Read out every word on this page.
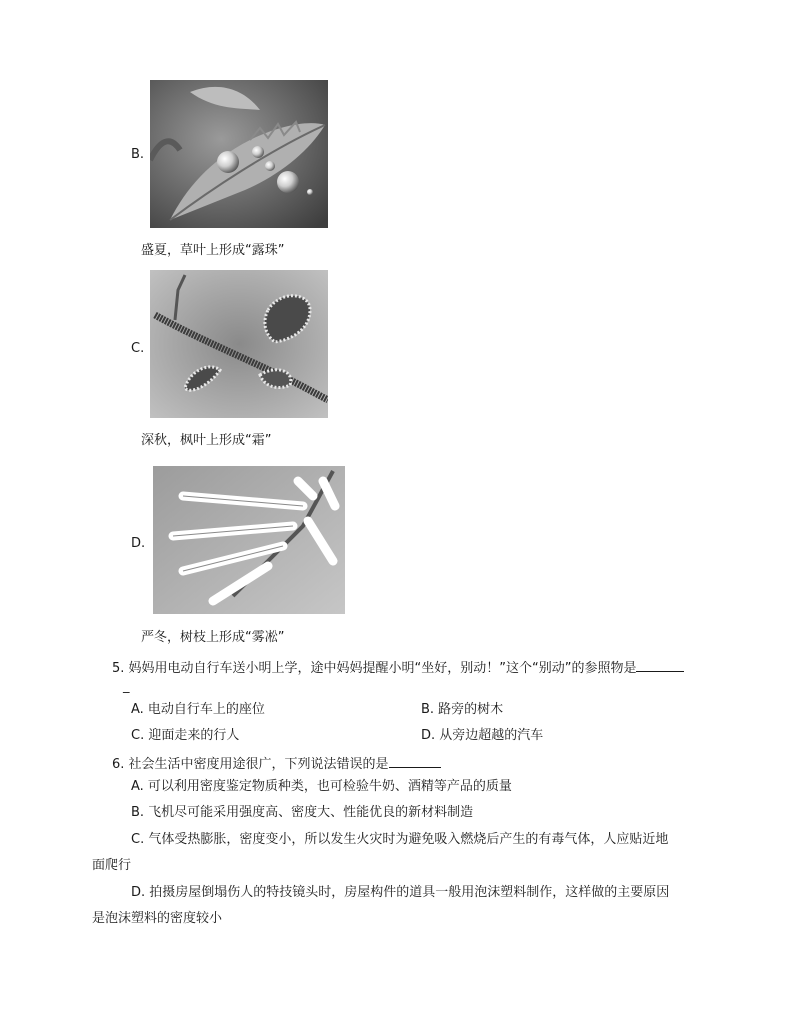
B.
盛夏，草叶上形成“露珠”
C.
深秋，枫叶上形成“霜”
D.
严冬，树枝上形成“雾凇”
5. 妈妈用电动自行车送小明上学，途中妈妈提醒小明“坐好，别动！”这个“别动”的参照物是
_
A. 电动自行车上的座位	B. 路旁的树木
C. 迎面走来的行人	D. 从旁边超越的汽车
6. 社会生活中密度用途很广，下列说法错误的是
A. 可以利用密度鉴定物质种类，也可检验牛奶、酒精等产品的质量
B. 飞机尽可能采用强度高、密度大、性能优良的新材料制造
C. 气体受热膨胀，密度变小，所以发生火灾时为避免吸入燃烧后产生的有毒气体，人应贴近地
面爬行
D. 拍摄房屋倒塌伤人的特技镜头时，房屋构件的道具一般用泡沫塑料制作，这样做的主要原因
是泡沫塑料的密度较小
